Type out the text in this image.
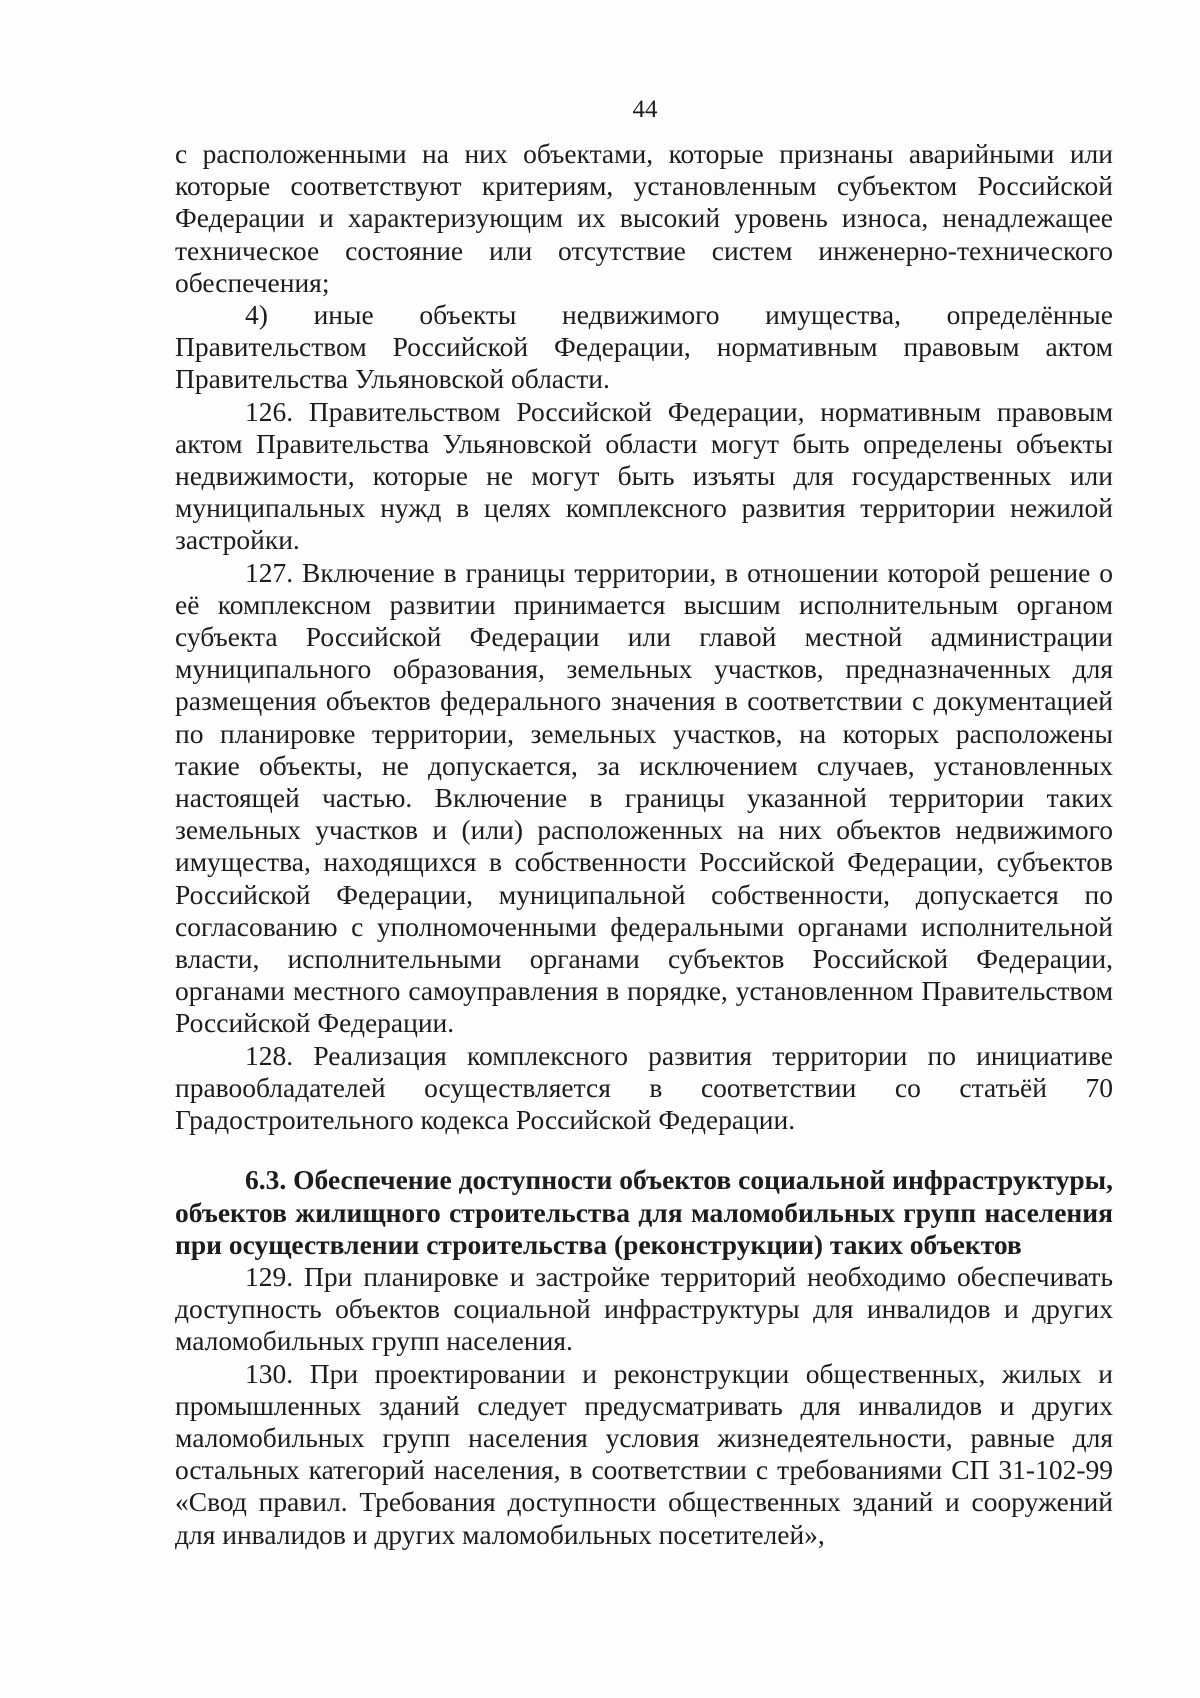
44

с расположенными на них объектами, которые признаны аварийными или которые соответствуют критериям, установленным субъектом Российской Федерации и характеризующим их высокий уровень износа, ненадлежащее техническое состояние или отсутствие систем инженерно-технического обеспечения;

4) иные объекты недвижимого имущества, определённые Правительством Российской Федерации, нормативным правовым актом Правительства Ульяновской области.

126. Правительством Российской Федерации, нормативным правовым актом Правительства Ульяновской области могут быть определены объекты недвижимости, которые не могут быть изъяты для государственных или муниципальных нужд в целях комплексного развития территории нежилой застройки.

127. Включение в границы территории, в отношении которой решение о её комплексном развитии принимается высшим исполнительным органом субъекта Российской Федерации или главой местной администрации муниципального образования, земельных участков, предназначенных для размещения объектов федерального значения в соответствии с документацией по планировке территории, земельных участков, на которых расположены такие объекты, не допускается, за исключением случаев, установленных настоящей частью. Включение в границы указанной территории таких земельных участков и (или) расположенных на них объектов недвижимого имущества, находящихся в собственности Российской Федерации, субъектов Российской Федерации, муниципальной собственности, допускается по согласованию с уполномоченными федеральными органами исполнительной власти, исполнительными органами субъектов Российской Федерации, органами местного самоуправления в порядке, установленном Правительством Российской Федерации.

128. Реализация комплексного развития территории по инициативе правообладателей осуществляется в соответствии со статьёй 70 Градостроительного кодекса Российской Федерации.

6.3. Обеспечение доступности объектов социальной инфраструктуры, объектов жилищного строительства для маломобильных групп населения при осуществлении строительства (реконструкции) таких объектов

129. При планировке и застройке территорий необходимо обеспечивать доступность объектов социальной инфраструктуры для инвалидов и других маломобильных групп населения.

130. При проектировании и реконструкции общественных, жилых и промышленных зданий следует предусматривать для инвалидов и других маломобильных групп населения условия жизнедеятельности, равные для остальных категорий населения, в соответствии с требованиями СП 31-102-99 «Свод правил. Требования доступности общественных зданий и сооружений для инвалидов и других маломобильных посетителей»,
